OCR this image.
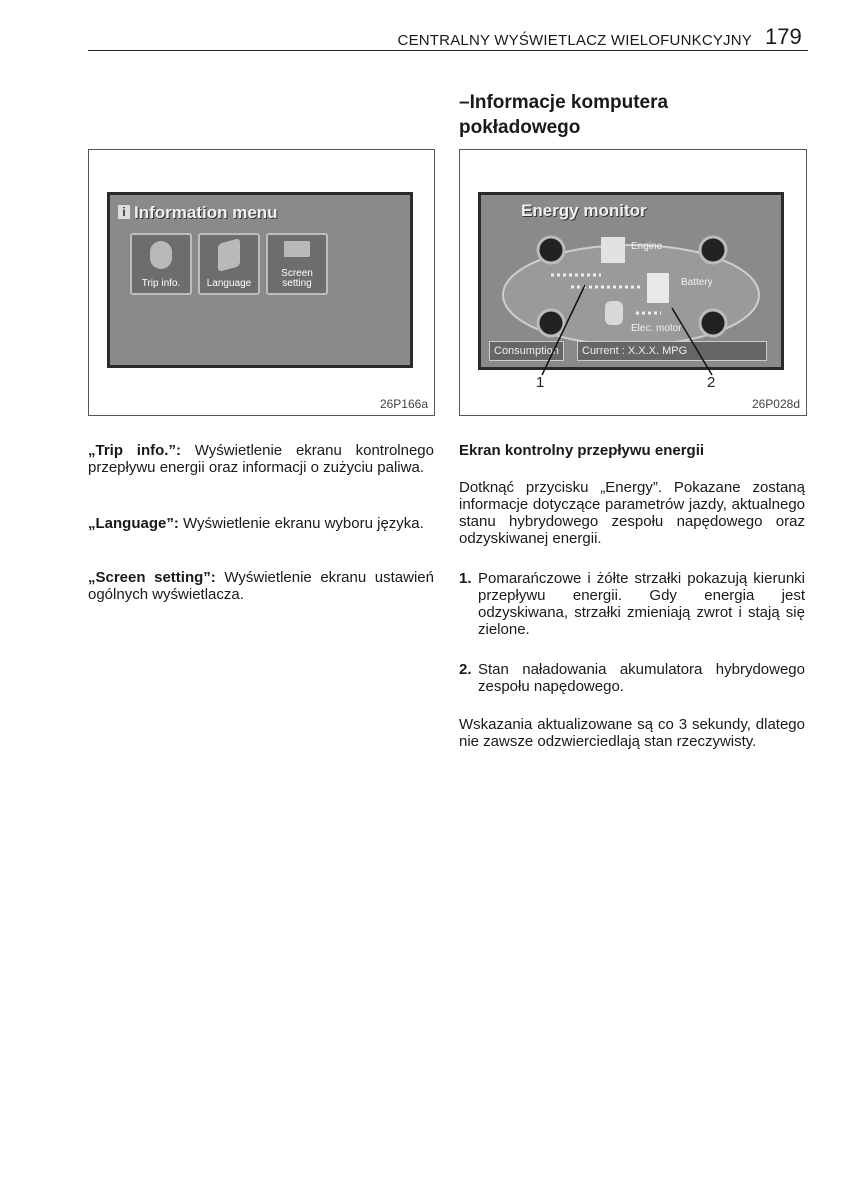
CENTRALNY WYŚWIETLACZ WIELOFUNKCYJNY 179
–Informacje komputera pokładowego
i Information menu
Trip info.	Language
Screen setting
26P166a
Energy monitor
Engine
Battery
Elec. motor
Consumption	Current : X.X.X. MPG
1	2
26P028d
„Trip info.”: Wyświetlenie ekranu kontrolnego przepływu energii oraz informacji o zużyciu paliwa.
„Language”: Wyświetlenie ekranu wyboru języka.
„Screen setting”: Wyświetlenie ekranu ustawień ogólnych wyświetlacza.
Ekran kontrolny przepływu energii
Dotknąć przycisku „Energy”. Pokazane zostaną informacje dotyczące parametrów jazdy, aktualnego stanu hybrydowego zespołu napędowego oraz odzyskiwanej energii.
1. Pomarańczowe i żółte strzałki pokazują kierunki przepływu energii. Gdy energia jest odzyskiwana, strzałki zmieniają zwrot i stają się zielone.
2. Stan naładowania akumulatora hybrydowego zespołu napędowego.
Wskazania aktualizowane są co 3 sekundy, dlatego nie zawsze odzwierciedlają stan rzeczywisty.
